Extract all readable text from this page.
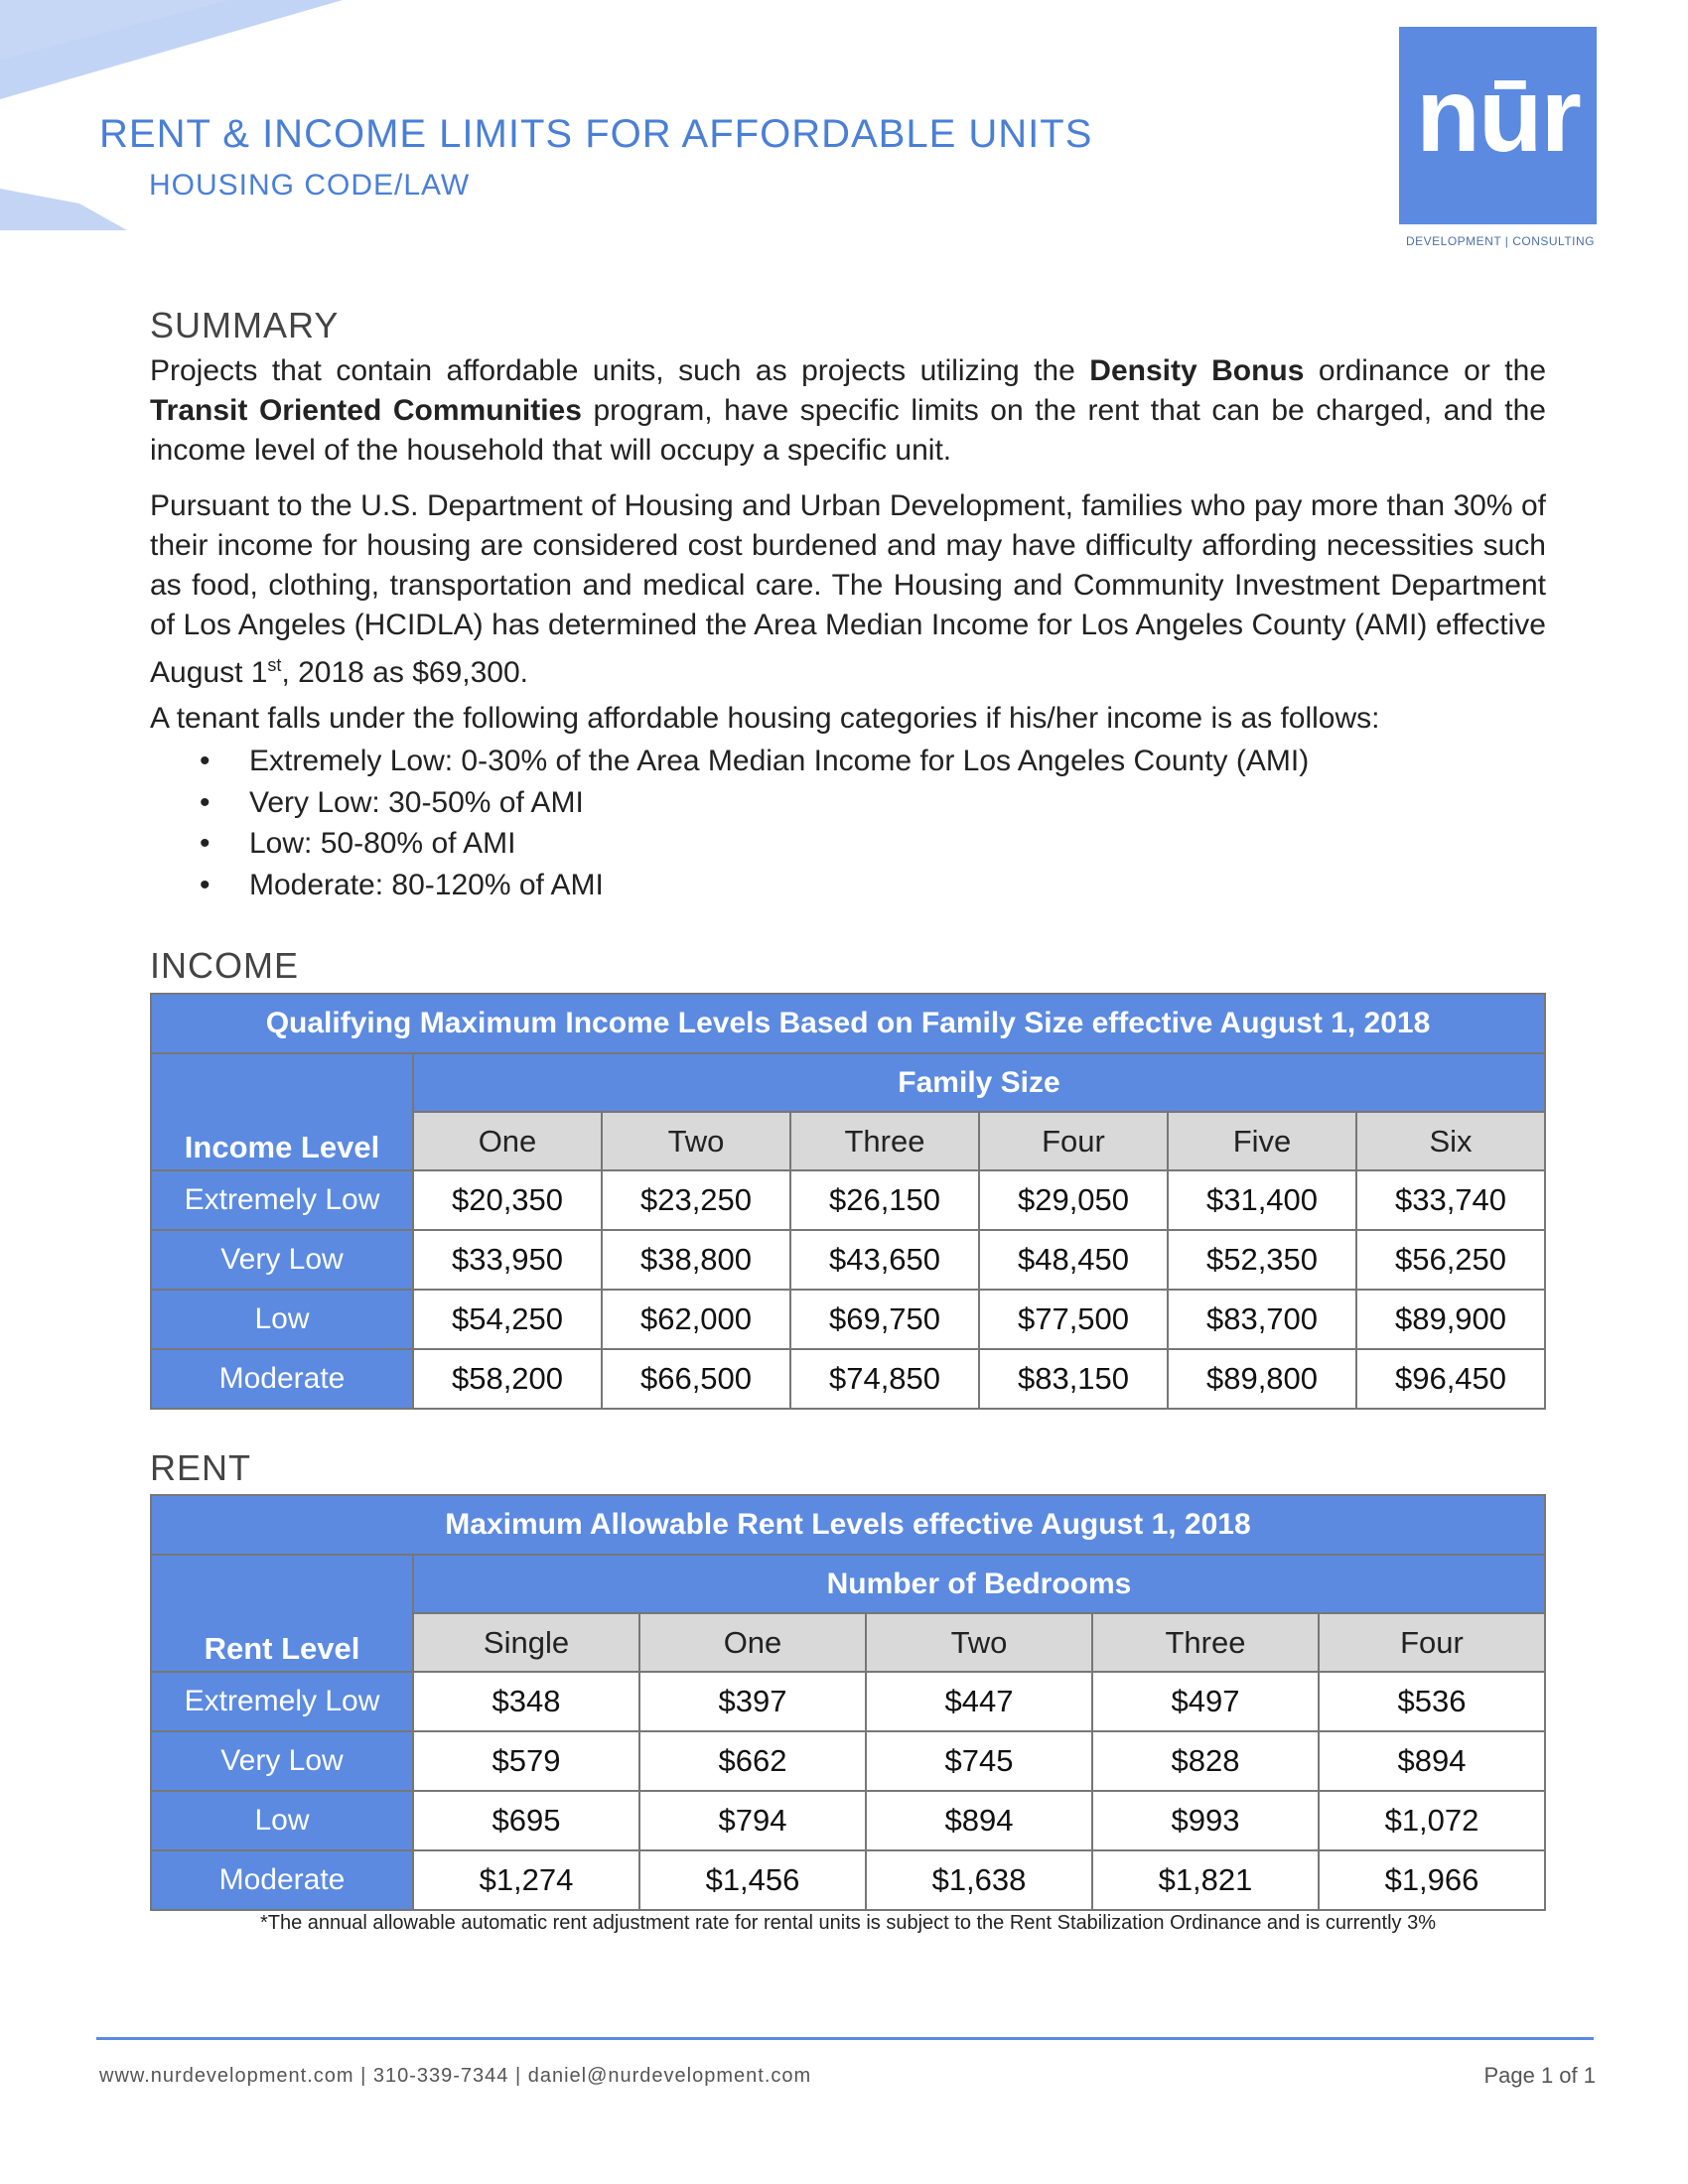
RENT & INCOME LIMITS FOR AFFORDABLE UNITS
HOUSING CODE/LAW
nūr
DEVELOPMENT | CONSULTING
SUMMARY

Projects that contain affordable units, such as projects utilizing the Density Bonus ordinance or the Transit Oriented Communities program, have specific limits on the rent that can be charged, and the income level of the household that will occupy a specific unit.

Pursuant to the U.S. Department of Housing and Urban Development, families who pay more than 30% of their income for housing are considered cost burdened and may have difficulty affording necessities such as food, clothing, transportation and medical care. The Housing and Community Investment Department of Los Angeles (HCIDLA) has determined the Area Median Income for Los Angeles County (AMI) effective August 1st, 2018 as $69,300.

A tenant falls under the following affordable housing categories if his/her income is as follows:

• Extremely Low: 0-30% of the Area Median Income for Los Angeles County (AMI)
• Very Low: 30-50% of AMI
• Low: 50-80% of AMI
• Moderate: 80-120% of AMI
INCOME
Qualifying Maximum Income Levels Based on Family Size effective August 1, 2018						
Income Level	Family Size					
	One	Two	Three	Four	Five	Six
Extremely Low	$20,350	$23,250	$26,150	$29,050	$31,400	$33,740
Very Low	$33,950	$38,800	$43,650	$48,450	$52,350	$56,250
Low	$54,250	$62,000	$69,750	$77,500	$83,700	$89,900
Moderate	$58,200	$66,500	$74,850	$83,150	$89,800	$96,450
RENT
Maximum Allowable Rent Levels effective August 1, 2018					
Rent Level	Number of Bedrooms				
	Single	One	Two	Three	Four
Extremely Low	$348	$397	$447	$497	$536
Very Low	$579	$662	$745	$828	$894
Low	$695	$794	$894	$993	$1,072
Moderate	$1,274	$1,456	$1,638	$1,821	$1,966
*The annual allowable automatic rent adjustment rate for rental units is subject to the Rent Stabilization Ordinance and is currently 3%
www.nurdevelopment.com | 310-339-7344 | daniel@nurdevelopment.com	Page 1 of 1
